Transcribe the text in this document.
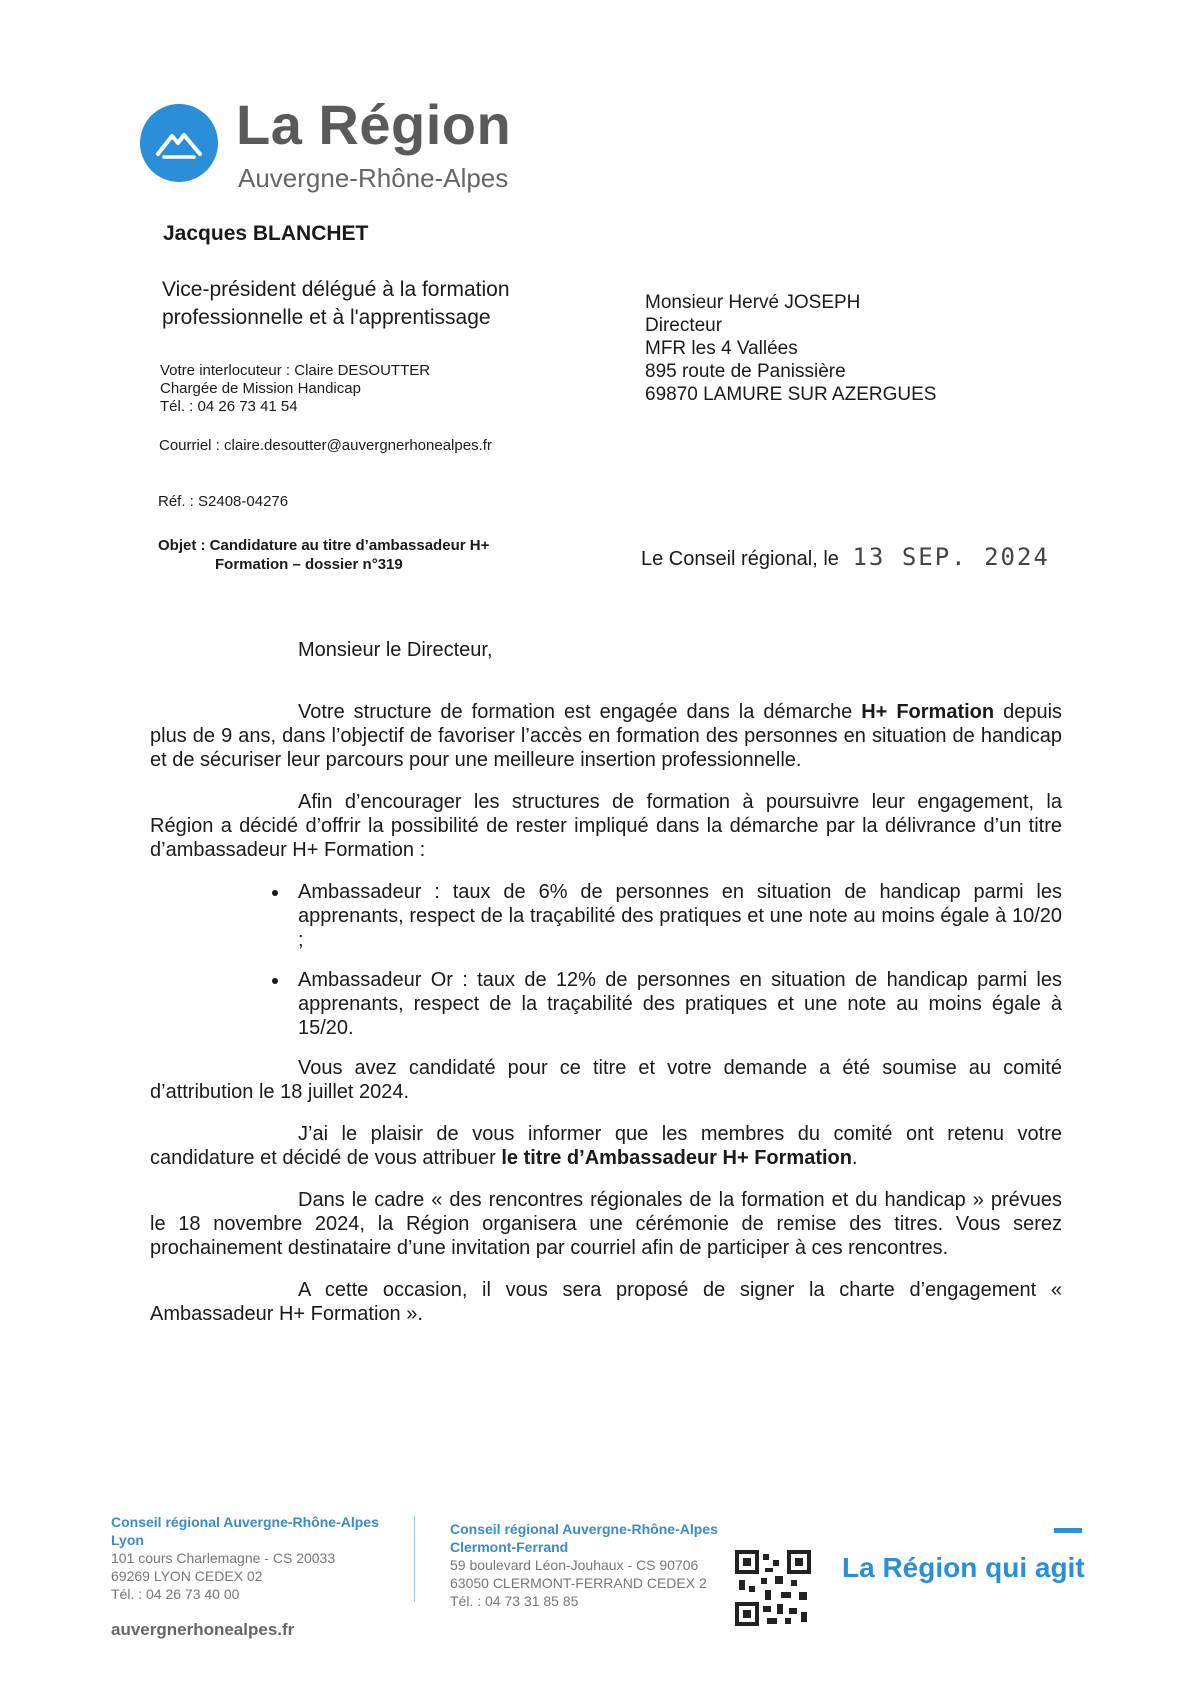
La Région
Auvergne-Rhône-Alpes
Jacques BLANCHET
Vice-président délégué à la formation
professionnelle et à l'apprentissage
Votre interlocuteur : Claire DESOUTTER
Chargée de Mission Handicap
Tél. : 04 26 73 41 54
Courriel : claire.desoutter@auvergnerhonealpes.fr
Réf. : S2408-04276
Objet : Candidature au titre d’ambassadeur H+
Formation – dossier n°319
Monsieur Hervé JOSEPH
Directeur
MFR les 4 Vallées
895 route de Panissière
69870 LAMURE SUR AZERGUES
Le Conseil régional, le 13 SEP. 2024
Monsieur le Directeur,

Votre structure de formation est engagée dans la démarche H+ Formation depuis plus de 9 ans, dans l’objectif de favoriser l’accès en formation des personnes en situation de handicap et de sécuriser leur parcours pour une meilleure insertion professionnelle.

Afin d’encourager les structures de formation à poursuivre leur engagement, la Région a décidé d’offrir la possibilité de rester impliqué dans la démarche par la délivrance d’un titre d’ambassadeur H+ Formation :

• Ambassadeur : taux de 6% de personnes en situation de handicap parmi les apprenants, respect de la traçabilité des pratiques et une note au moins égale à 10/20 ;
• Ambassadeur Or : taux de 12% de personnes en situation de handicap parmi les apprenants, respect de la traçabilité des pratiques et une note au moins égale à 15/20.

Vous avez candidaté pour ce titre et votre demande a été soumise au comité d’attribution le 18 juillet 2024.

J’ai le plaisir de vous informer que les membres du comité ont retenu votre candidature et décidé de vous attribuer le titre d’Ambassadeur H+ Formation.

Dans le cadre « des rencontres régionales de la formation et du handicap » prévues le 18 novembre 2024, la Région organisera une cérémonie de remise des titres. Vous serez prochainement destinataire d’une invitation par courriel afin de participer à ces rencontres.

A cette occasion, il vous sera proposé de signer la charte d’engagement « Ambassadeur H+ Formation ».

Conseil régional Auvergne-Rhône-Alpes
Lyon
101 cours Charlemagne - CS 20033
69269 LYON CEDEX 02
Tél. : 04 26 73 40 00
Conseil régional Auvergne-Rhône-Alpes
Clermont-Ferrand
59 boulevard Léon-Jouhaux - CS 90706
63050 CLERMONT-FERRAND CEDEX 2
Tél. : 04 73 31 85 85
auvergnerhonealpes.fr
La Région qui agit
